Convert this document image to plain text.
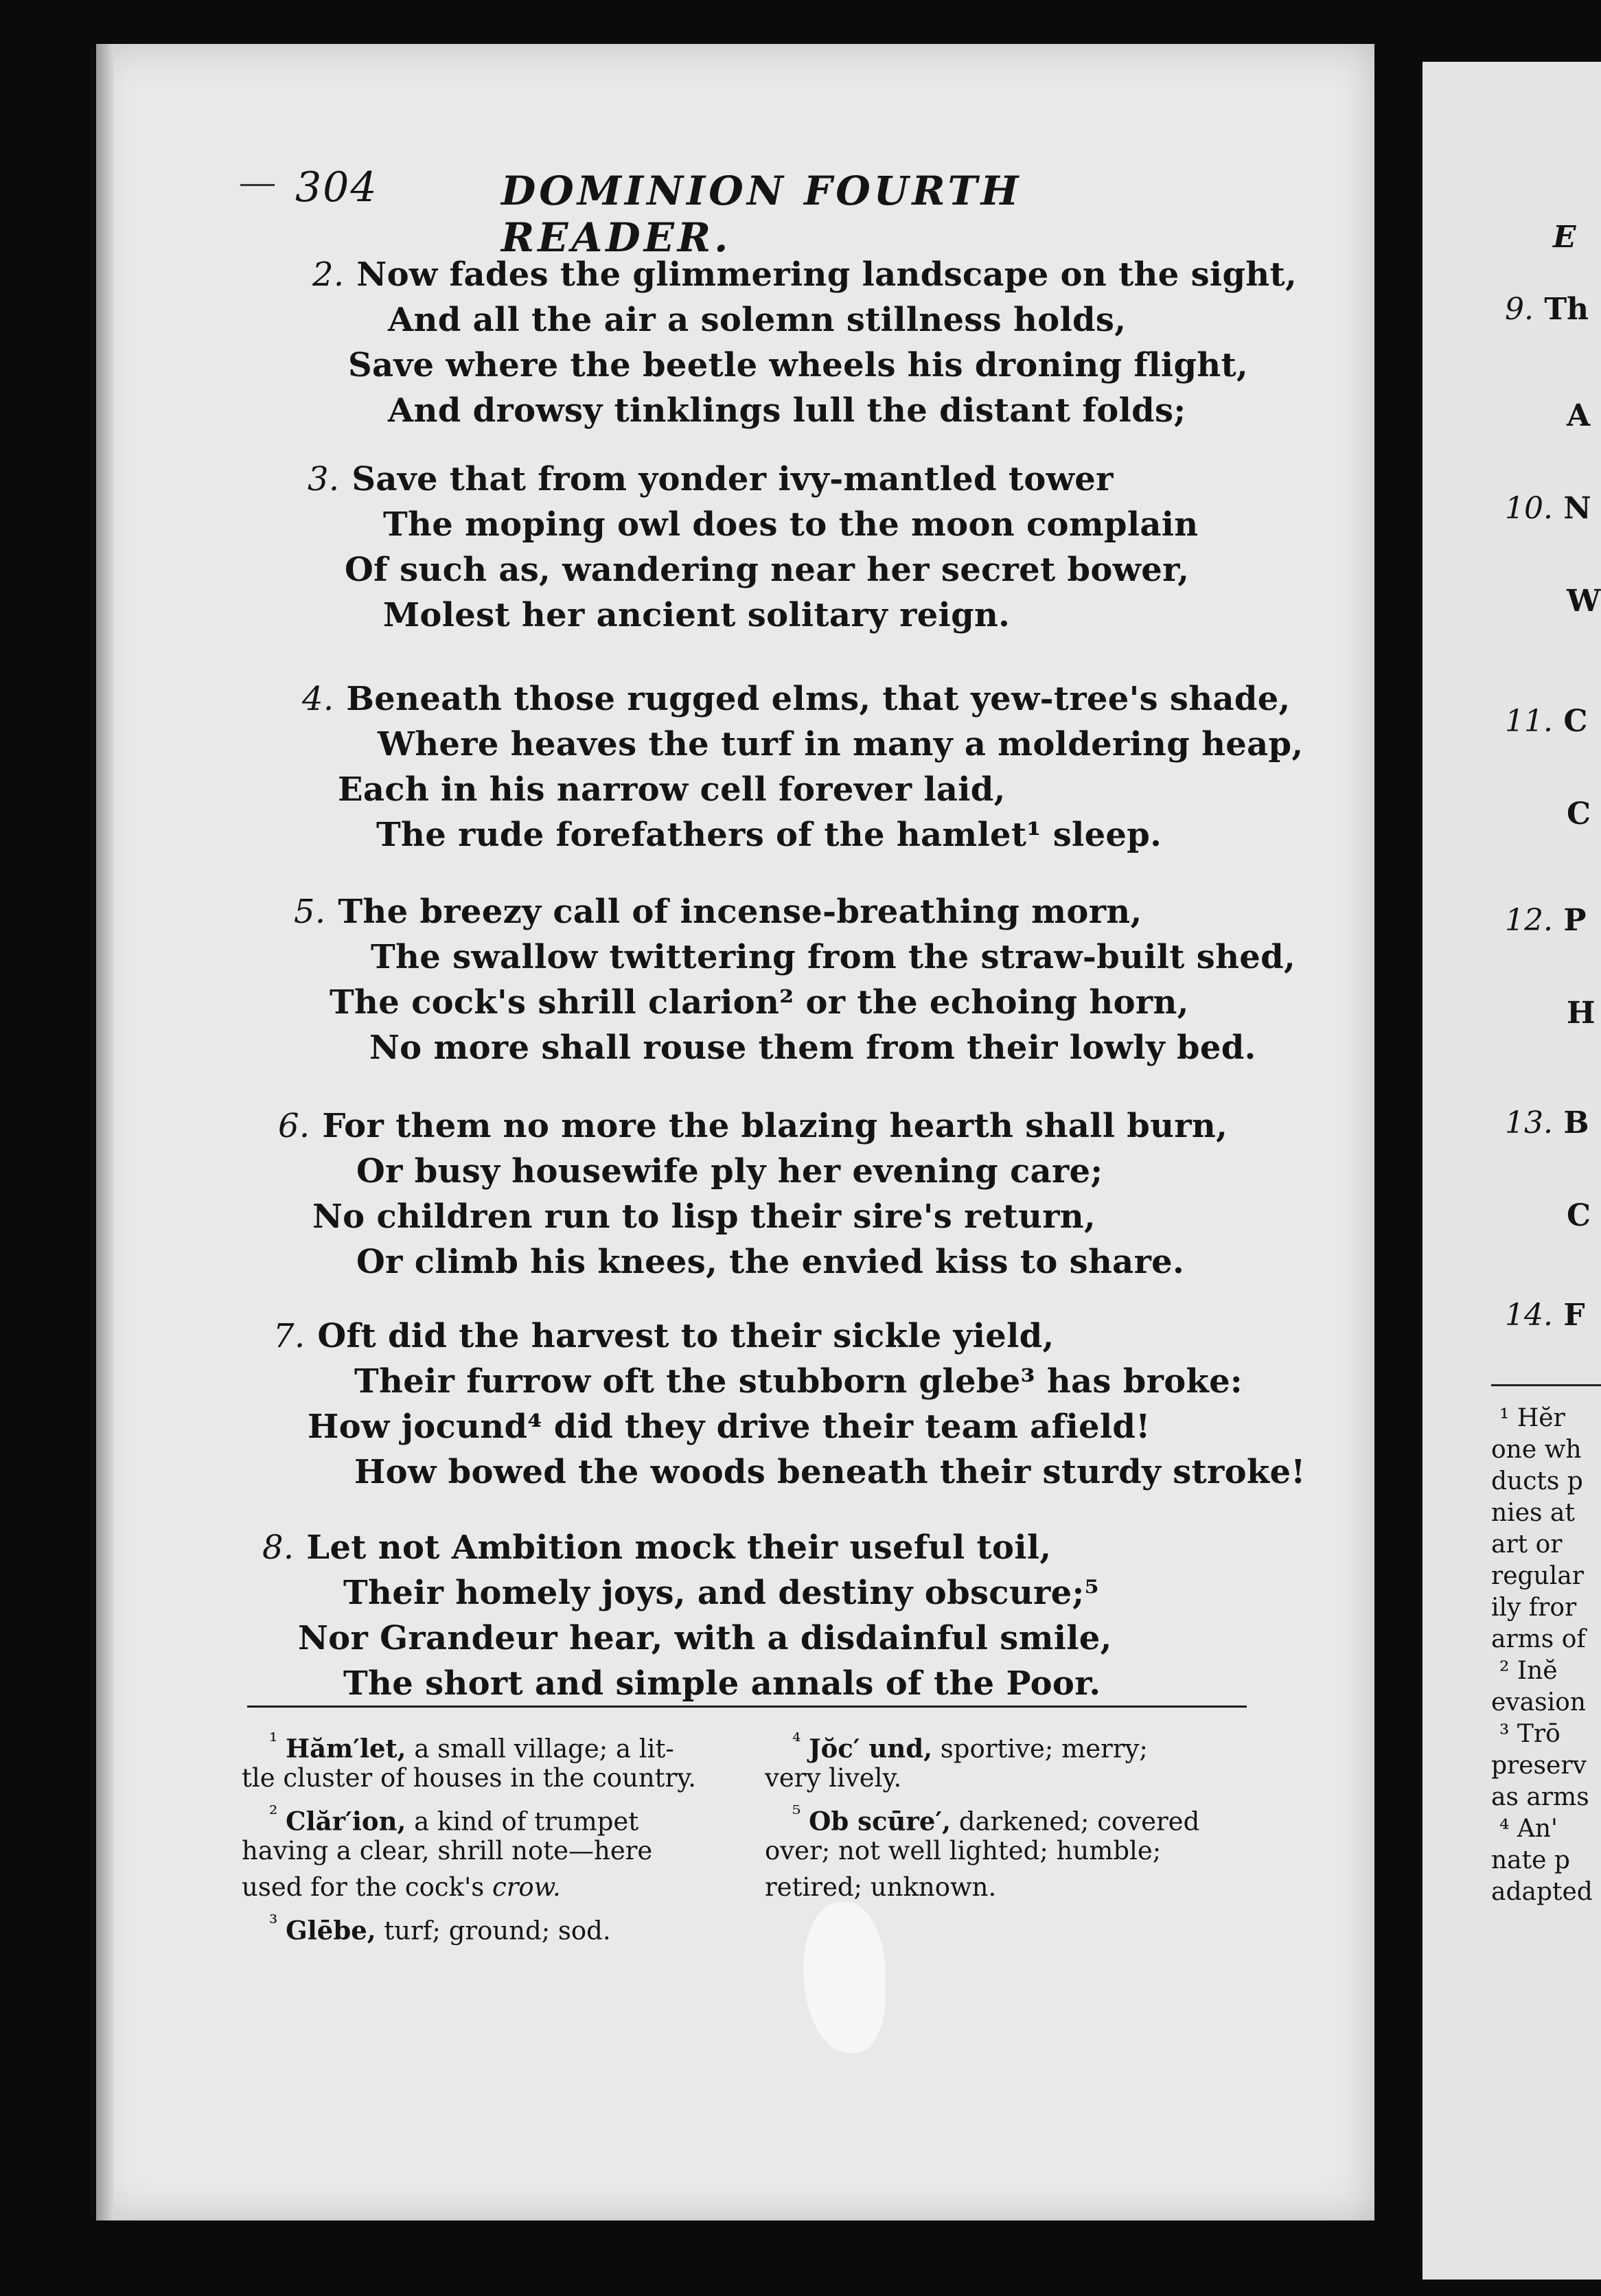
304	DOMINION FOURTH READER.
2. Now fades the glimmering landscape on the sight,
And all the air a solemn stillness holds,
Save where the beetle wheels his droning flight,
And drowsy tinklings lull the distant folds;
3. Save that from yonder ivy-mantled tower
The moping owl does to the moon complain
Of such as, wandering near her secret bower,
Molest her ancient solitary reign.
4. Beneath those rugged elms, that yew-tree's shade,
Where heaves the turf in many a moldering heap,
Each in his narrow cell forever laid,
The rude forefathers of the hamlet¹ sleep.
5. The breezy call of incense-breathing morn,
The swallow twittering from the straw-built shed,
The cock's shrill clarion² or the echoing horn,
No more shall rouse them from their lowly bed.
6. For them no more the blazing hearth shall burn,
Or busy housewife ply her evening care;
No children run to lisp their sire's return,
Or climb his knees, the envied kiss to share.
7. Oft did the harvest to their sickle yield,
Their furrow oft the stubborn glebe³ has broke:
How jocund⁴ did they drive their team afield!
How bowed the woods beneath their sturdy stroke!
8. Let not Ambition mock their useful toil,
Their homely joys, and destiny obscure;⁵
Nor Grandeur hear, with a disdainful smile,
The short and simple annals of the Poor.
$^{^1}$ Hăm′let, a small village; a lit-
tle cluster of houses in the country.
$^{^2}$ Clăr′ion, a kind of trumpet
having a clear, shrill note—here
used for the cock's crow.
$^{^3}$ Glēbe, turf; ground; sod.
$^{^4}$ Jŏc′ und, sportive; merry;
very lively.
$^{^5}$ Ob scūre′, darkened; covered
over; not well lighted; humble;
retired; unknown.
E
9. Th
A
10. N
W
11. C
C
12. P
H
13. B
C
14. F
¹ Hĕr
one wh
ducts p
nies at
art or
regular
ily fror
arms of
² Inĕ
evasion
³ Trō
preserv
as arms
⁴ An'
nate p
adapted
